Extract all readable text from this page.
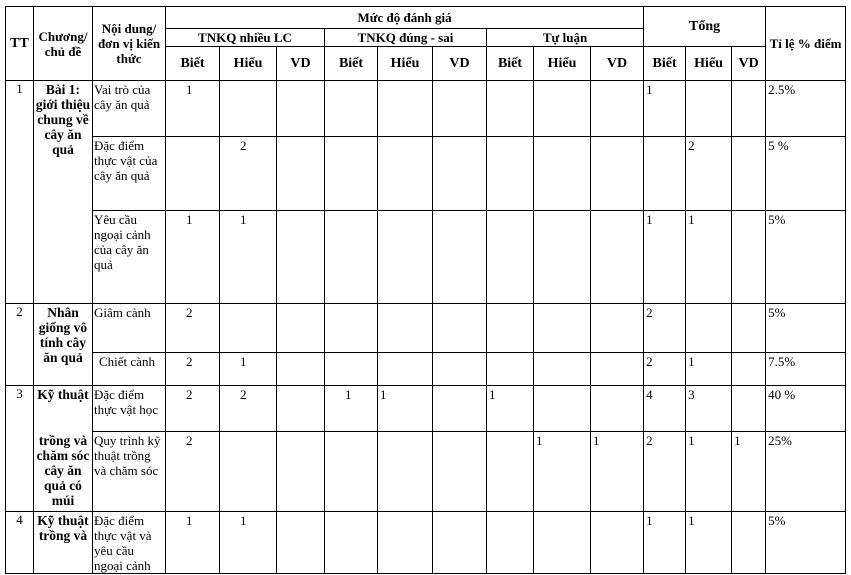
TT	Chương/ chủ đề	Nội dung/đơn vị kiến thức	Mức độ đánh giá									Tổng			Tỉ lệ % điểm
			TNKQ nhiều LC			TNKQ đúng - sai			Tự luận						
			Biết	Hiểu	VD	Biết	Hiểu	VD	Biết	Hiểu	VD	Biết	Hiểu	VD	
1	Bài 1: giới thiệu chung về cây ăn quả	Vai trò của cây ăn quả	1									1			2.5%
		Đặc điểm thực vật của cây ăn quả		2									2		5 %
		Yêu cầu ngoại cảnh của cây ăn quả	1	1								1	1		5%
2	Nhân giống vô tính cây ăn quả	Giâm cành	2									2			5%
		Chiết cành	2	1								2	1		7.5%
3	Kỹ thuật	Đặc điểm thực vật học	2	2		1	1		1			4	3		40 %
	trồng và chăm sóc cây ăn quả có múi	Quy trình kỹ thuật trồng và chăm sóc	2							1	1	2	1	1	25%
4	Kỹ thuật trồng và	Đặc điểm thực vật và yêu cầu ngoại cảnh	1	1								1	1		5%
